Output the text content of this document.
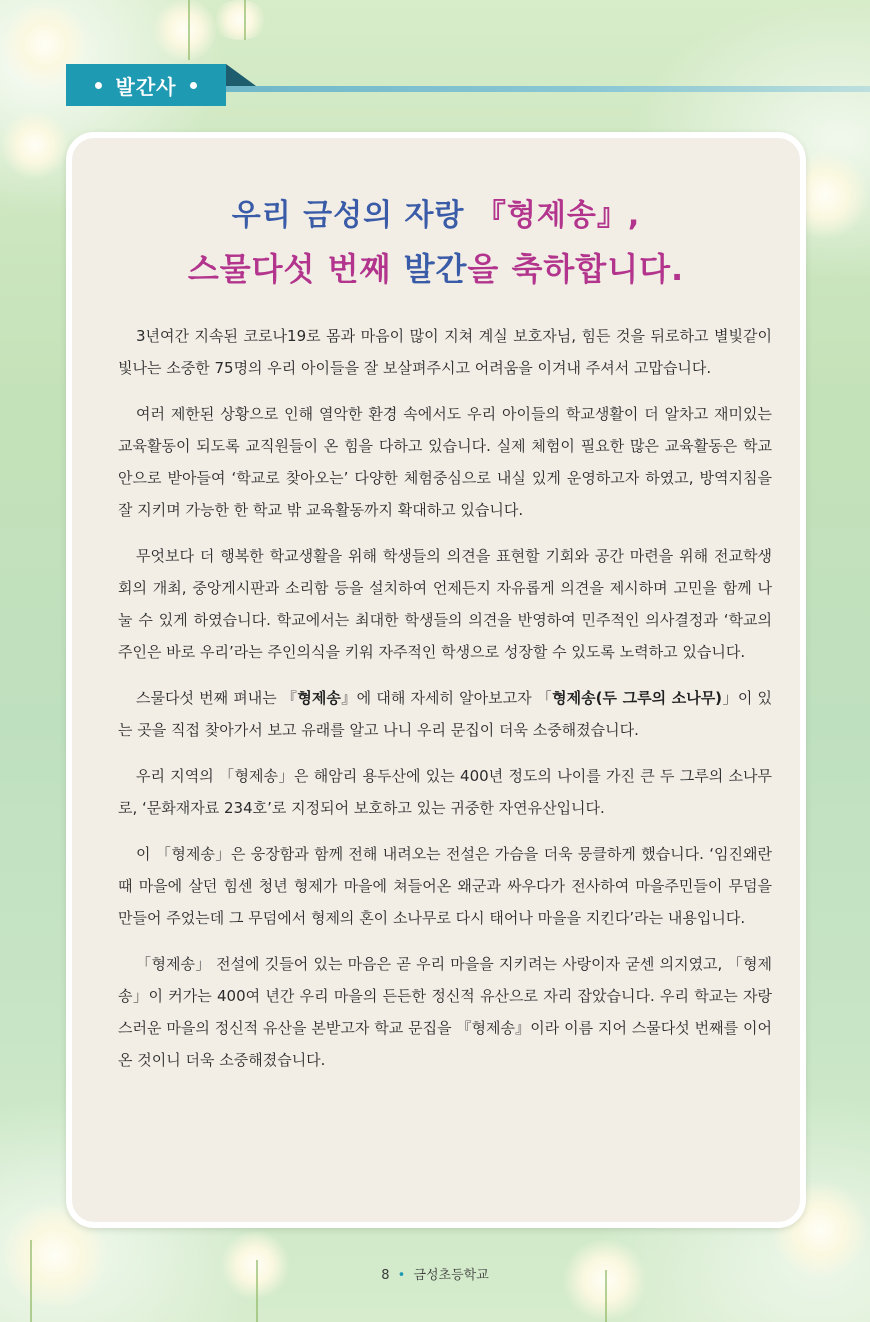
발간사
우리 금성의 자랑 『형제송』,
스물다섯 번째 발간을 축하합니다.

3년여간 지속된 코로나19로 몸과 마음이 많이 지쳐 계실 보호자님, 힘든 것을 뒤로하고 별빛같이 빛나는 소중한 75명의 우리 아이들을 잘 보살펴주시고 어려움을 이겨내 주셔서 고맙습니다.

여러 제한된 상황으로 인해 열악한 환경 속에서도 우리 아이들의 학교생활이 더 알차고 재미있는 교육활동이 되도록 교직원들이 온 힘을 다하고 있습니다. 실제 체험이 필요한 많은 교육활동은 학교 안으로 받아들여 ‘학교로 찾아오는’ 다양한 체험중심으로 내실 있게 운영하고자 하였고, 방역지침을 잘 지키며 가능한 한 학교 밖 교육활동까지 확대하고 있습니다.

무엇보다 더 행복한 학교생활을 위해 학생들의 의견을 표현할 기회와 공간 마련을 위해 전교학생회의 개최, 중앙게시판과 소리함 등을 설치하여 언제든지 자유롭게 의견을 제시하며 고민을 함께 나눌 수 있게 하였습니다. 학교에서는 최대한 학생들의 의견을 반영하여 민주적인 의사결정과 ‘학교의 주인은 바로 우리’라는 주인의식을 키워 자주적인 학생으로 성장할 수 있도록 노력하고 있습니다.

스물다섯 번째 펴내는 『형제송』에 대해 자세히 알아보고자 「형제송(두 그루의 소나무)」이 있는 곳을 직접 찾아가서 보고 유래를 알고 나니 우리 문집이 더욱 소중해졌습니다.

우리 지역의 「형제송」은 해암리 용두산에 있는 400년 정도의 나이를 가진 큰 두 그루의 소나무로, ‘문화재자료 234호’로 지정되어 보호하고 있는 귀중한 자연유산입니다.

이 「형제송」은 웅장함과 함께 전해 내려오는 전설은 가슴을 더욱 뭉클하게 했습니다. ‘임진왜란 때 마을에 살던 힘센 청년 형제가 마을에 쳐들어온 왜군과 싸우다가 전사하여 마을주민들이 무덤을 만들어 주었는데 그 무덤에서 형제의 혼이 소나무로 다시 태어나 마을을 지킨다’라는 내용입니다.

「형제송」 전설에 깃들어 있는 마음은 곧 우리 마을을 지키려는 사랑이자 굳센 의지였고, 「형제송」이 커가는 400여 년간 우리 마을의 든든한 정신적 유산으로 자리 잡았습니다. 우리 학교는 자랑스러운 마을의 정신적 유산을 본받고자 학교 문집을 『형제송』이라 이름 지어 스물다섯 번째를 이어온 것이니 더욱 소중해졌습니다.

8 • 금성초등학교
